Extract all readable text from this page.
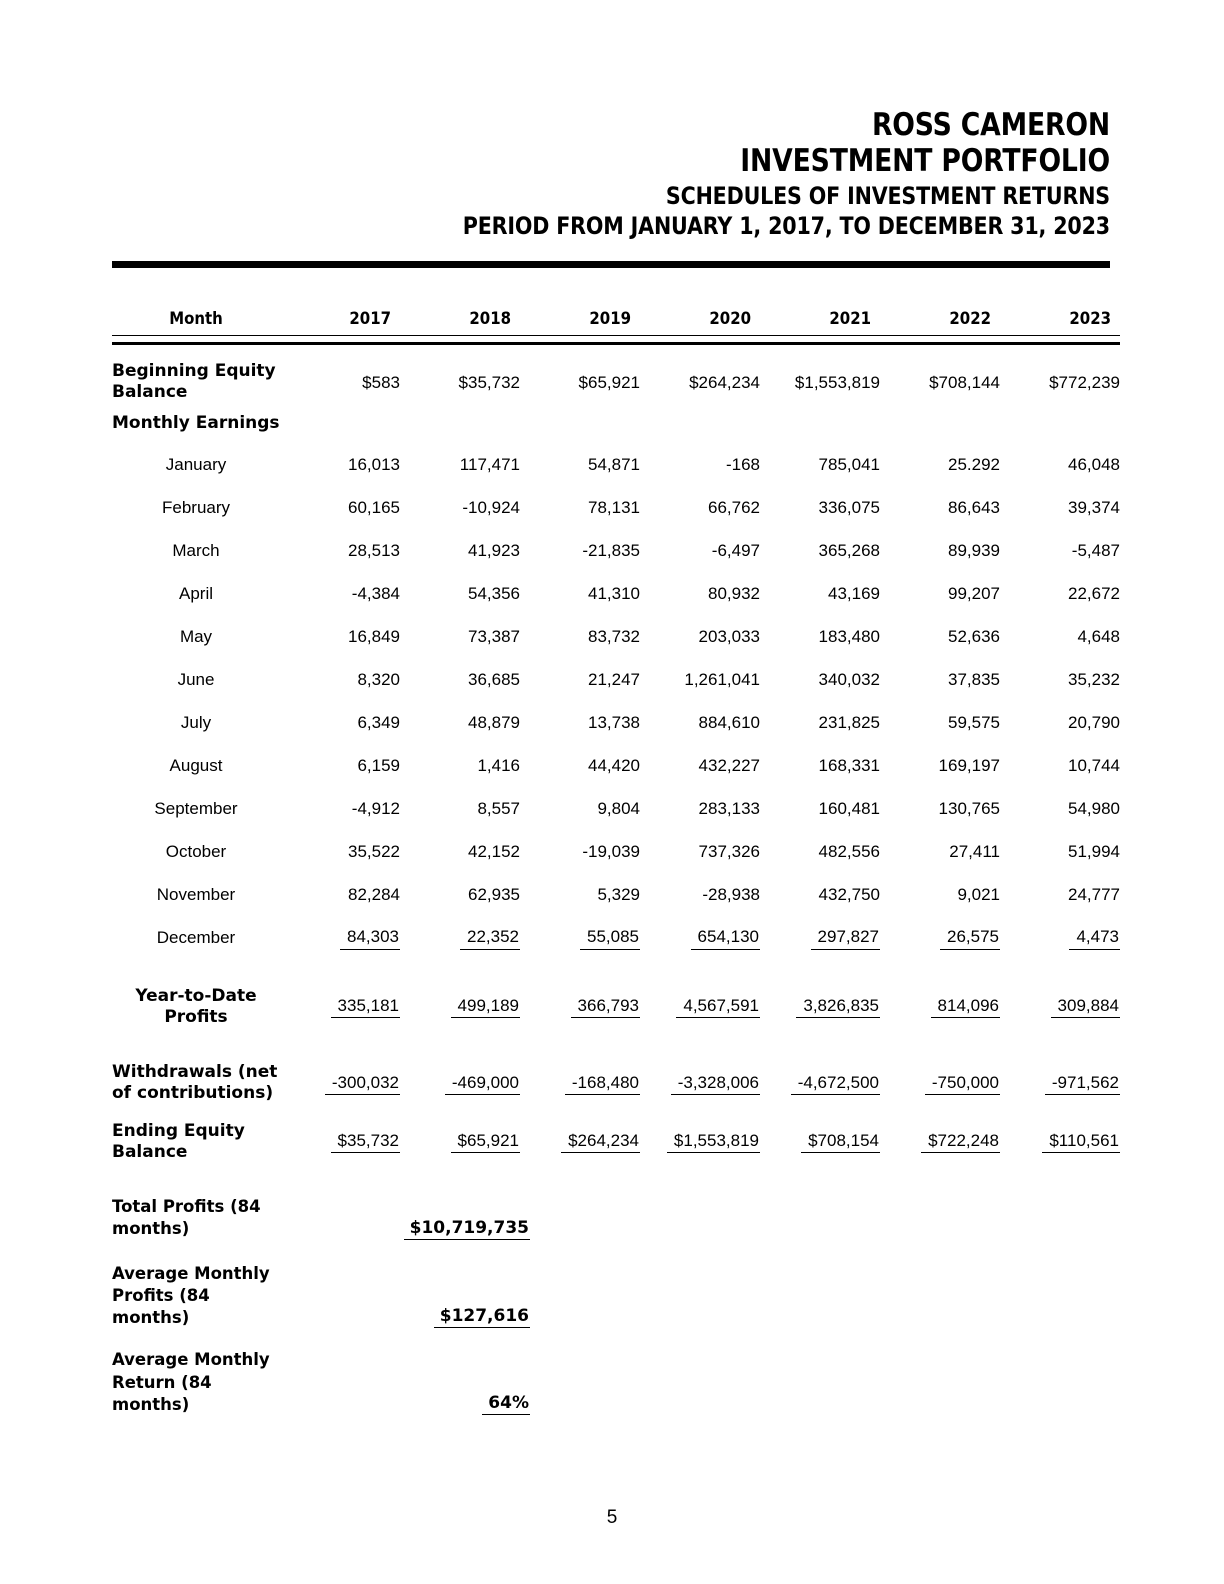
ROSS CAMERON
INVESTMENT PORTFOLIO
SCHEDULES OF INVESTMENT RETURNS
PERIOD FROM JANUARY 1, 2017, TO DECEMBER 31, 2023
Month	2017	2018	2019	2020	2021	2022	2023

Beginning Equity
Balance	$583	$35,732	$65,921	$264,234	$1,553,819	$708,144	$772,239
Monthly Earnings							
January	16,013	117,471	54,871	-168	785,041	25.292	46,048
February	60,165	-10,924	78,131	66,762	336,075	86,643	39,374
March	28,513	41,923	-21,835	-6,497	365,268	89,939	-5,487
April	-4,384	54,356	41,310	80,932	43,169	99,207	22,672
May	16,849	73,387	83,732	203,033	183,480	52,636	4,648
June	8,320	36,685	21,247	1,261,041	340,032	37,835	35,232
July	6,349	48,879	13,738	884,610	231,825	59,575	20,790
August	6,159	1,416	44,420	432,227	168,331	169,197	10,744
September	-4,912	8,557	9,804	283,133	160,481	130,765	54,980
October	35,522	42,152	-19,039	737,326	482,556	27,411	51,994
November	82,284	62,935	5,329	-28,938	432,750	9,021	24,777
December	84,303	22,352	55,085	654,130	297,827	26,575	4,473

Year-to-Date
Profits	335,181	499,189	366,793	4,567,591	3,826,835	814,096	309,884

Withdrawals (net
of contributions)	-300,032	-469,000	-168,480	-3,328,006	-4,672,500	-750,000	-971,562

Ending Equity
Balance	$35,732	$65,921	$264,234	$1,553,819	$708,154	$722,248	$110,561
Total Profits (84
months)	$10,719,735
Average Monthly
Profits (84
months)	$127,616
Average Monthly
Return (84
months)	64%
5
